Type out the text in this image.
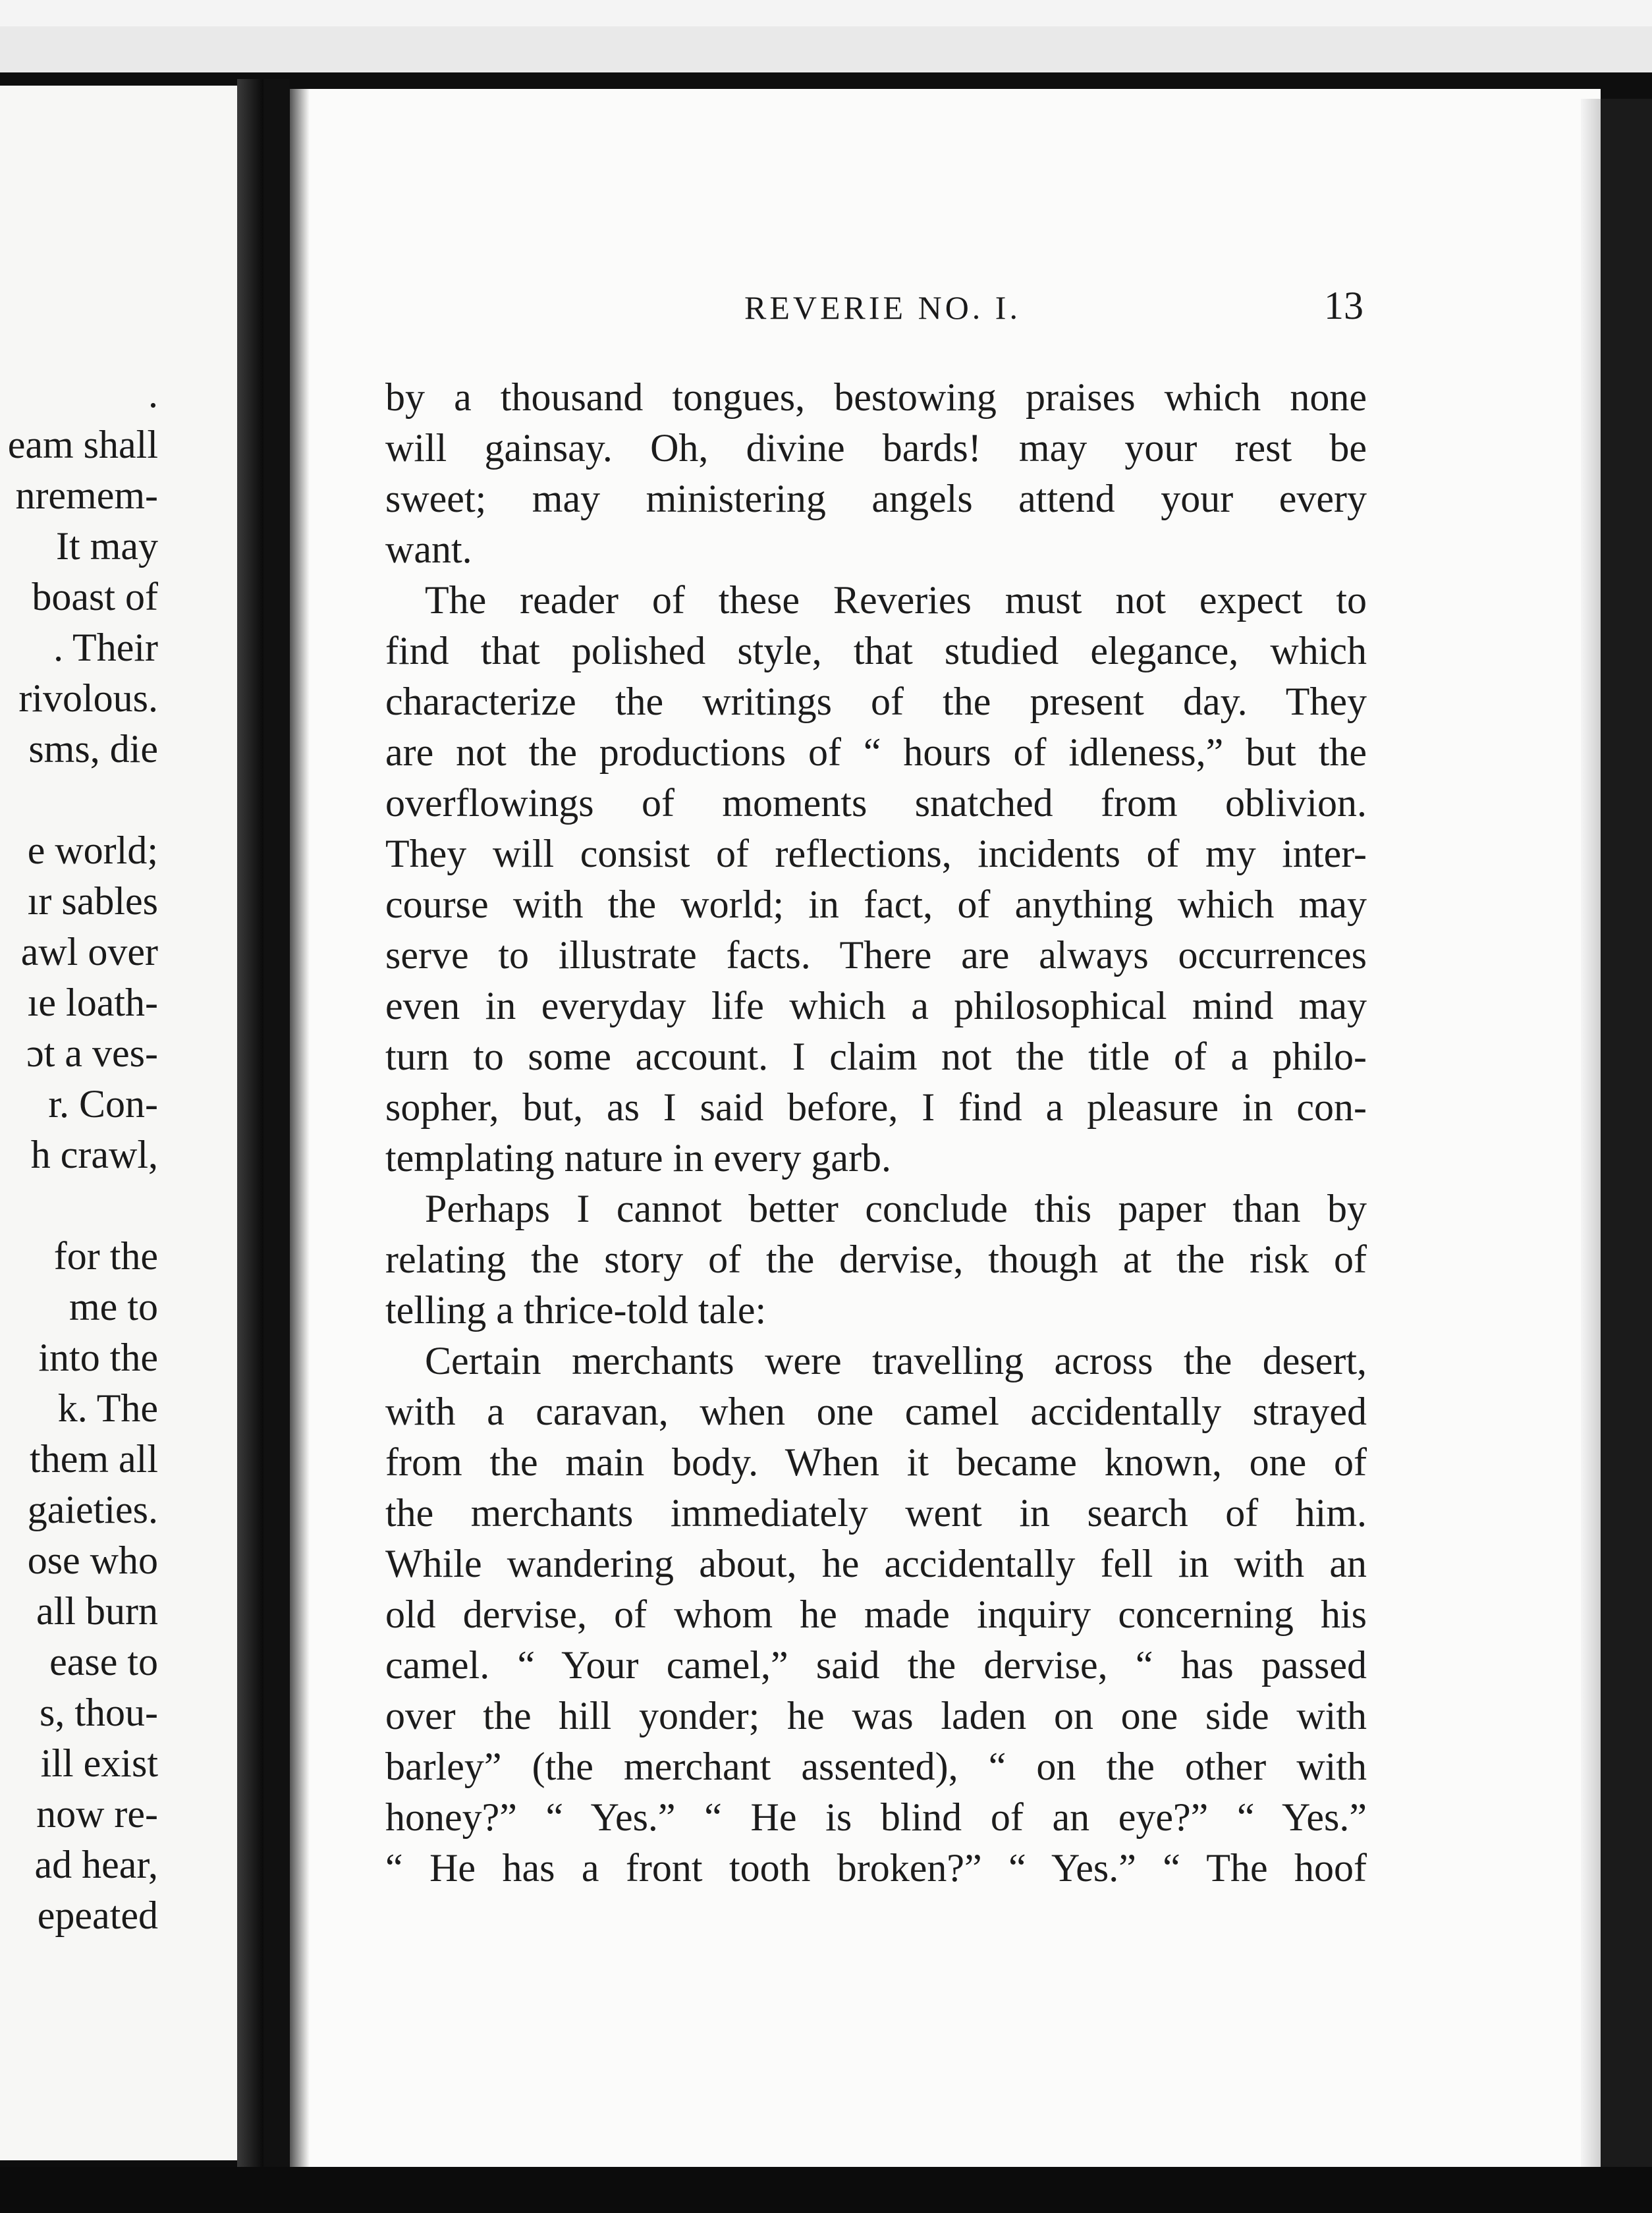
.
eam shall
nremem-
It may
boast of
. Their
rivolous.
sms, die
e world;
ır sables
awl over
ıe loath-
ɔt a ves-
r. Con-
h crawl,
for the
me to
into the
k. The
them all
gaieties.
ose who
all burn
ease to
s, thou-
ill exist
now re-
ad hear,
epeated
REVERIE NO. I.	13
by a thousand tongues, bestowing praises which none
will gainsay. Oh, divine bards! may your rest be
sweet; may ministering angels attend your every
want.
The reader of these Reveries must not expect to
find that polished style, that studied elegance, which
characterize the writings of the present day. They
are not the productions of “ hours of idleness,” but the
overflowings of moments snatched from oblivion.
They will consist of reflections, incidents of my inter-
course with the world; in fact, of anything which may
serve to illustrate facts. There are always occurrences
even in everyday life which a philosophical mind may
turn to some account. I claim not the title of a philo-
sopher, but, as I said before, I find a pleasure in con-
templating nature in every garb.
Perhaps I cannot better conclude this paper than by
relating the story of the dervise, though at the risk of
telling a thrice-told tale:
Certain merchants were travelling across the desert,
with a caravan, when one camel accidentally strayed
from the main body. When it became known, one of
the merchants immediately went in search of him.
While wandering about, he accidentally fell in with an
old dervise, of whom he made inquiry concerning his
camel. “ Your camel,” said the dervise, “ has passed
over the hill yonder; he was laden on one side with
barley” (the merchant assented), “ on the other with
honey?” “ Yes.” “ He is blind of an eye?” “ Yes.”
“ He has a front tooth broken?” “ Yes.” “ The hoof
